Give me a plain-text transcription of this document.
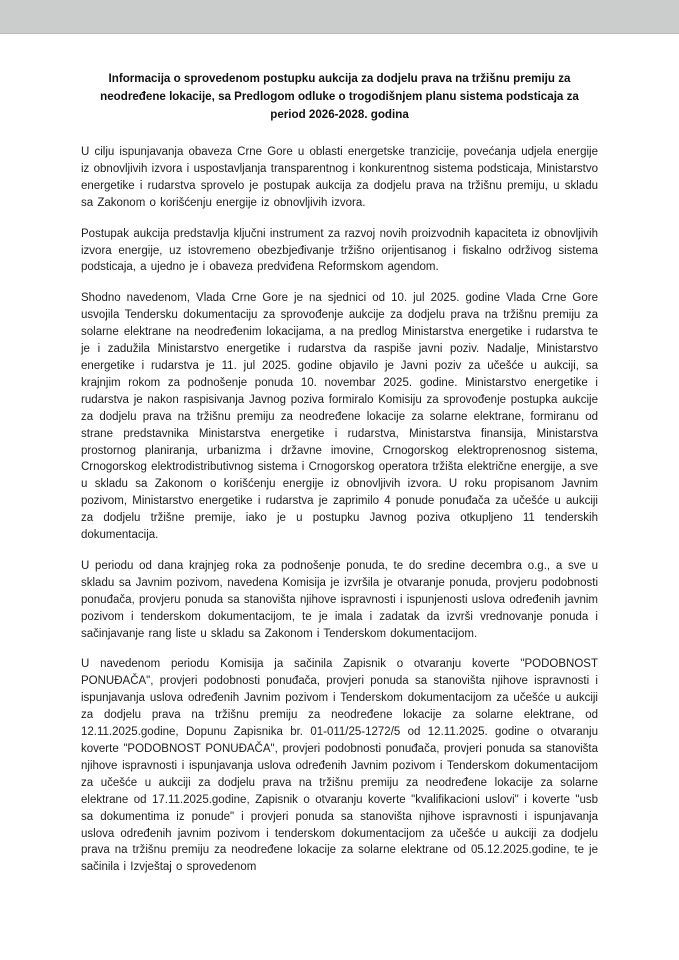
Informacija o sprovedenom postupku aukcija za dodjelu prava na tržišnu premiju za neodređene lokacije, sa Predlogom odluke o trogodišnjem planu sistema podsticaja za period 2026-2028. godina

U cilju ispunjavanja obaveza Crne Gore u oblasti energetske tranzicije, povećanja udjela energije iz obnovljivih izvora i uspostavljanja transparentnog i konkurentnog sistema podsticaja, Ministarstvo energetike i rudarstva sprovelo je postupak aukcija za dodjelu prava na tržišnu premiju, u skladu sa Zakonom o korišćenju energije iz obnovljivih izvora.

Postupak aukcija predstavlja ključni instrument za razvoj novih proizvodnih kapaciteta iz obnovljivih izvora energije, uz istovremeno obezbjeđivanje tržišno orijentisanog i fiskalno održivog sistema podsticaja, a ujedno je i obaveza predviđena Reformskom agendom.

Shodno navedenom, Vlada Crne Gore je na sjednici od 10. jul 2025. godine Vlada Crne Gore usvojila Tendersku dokumentaciju za sprovođenje aukcije za dodjelu prava na tržišnu premiju za solarne elektrane na neodređenim lokacijama, a na predlog Ministarstva energetike i rudarstva te je i zadužila Ministarstvo energetike i rudarstva da raspiše javni poziv. Nadalje, Ministarstvo energetike i rudarstva je 11. jul 2025. godine objavilo je Javni poziv za učešće u aukciji, sa krajnjim rokom za podnošenje ponuda 10. novembar 2025. godine. Ministarstvo energetike i rudarstva je nakon raspisivanja Javnog poziva formiralo Komisiju za sprovođenje postupka aukcije za dodjelu prava na tržišnu premiju za neodređene lokacije za solarne elektrane, formiranu od strane predstavnika Ministarstva energetike i rudarstva, Ministarstva finansija, Ministarstva prostornog planiranja, urbanizma i državne imovine, Crnogorskog elektroprenosnog sistema, Crnogorskog elektrodistributivnog sistema i Crnogorskog operatora tržišta električne energije, a sve u skladu sa Zakonom o korišćenju energije iz obnovljivih izvora. U roku propisanom Javnim pozivom, Ministarstvo energetike i rudarstva je zaprimilo 4 ponude ponuđača za učešće u aukciji za dodjelu tržišne premije, iako je u postupku Javnog poziva otkupljeno 11 tenderskih dokumentacija.

U periodu od dana krajnjeg roka za podnošenje ponuda, te do sredine decembra o.g., a sve u skladu sa Javnim pozivom, navedena Komisija je izvršila je otvaranje ponuda, provjeru podobnosti ponuđača, provjeru ponuda sa stanovišta njihove ispravnosti i ispunjenosti uslova određenih javnim pozivom i tenderskom dokumentacijom, te je imala i zadatak da izvrši vrednovanje ponuda i sačinjavanje rang liste u skladu sa Zakonom i Tenderskom dokumentacijom.

U navedenom periodu Komisija ja sačinila Zapisnik o otvaranju koverte "PODOBNOST PONUĐAČA", provjeri podobnosti ponuđača, provjeri ponuda sa stanovišta njihove ispravnosti i ispunjavanja uslova određenih Javnim pozivom i Tenderskom dokumentacijom za učešće u aukciji za dodjelu prava na tržišnu premiju za neodređene lokacije za solarne elektrane, od 12.11.2025.godine, Dopunu Zapisnika br. 01-011/25-1272/5 od 12.11.2025. godine o otvaranju koverte "PODOBNOST PONUĐAČA", provjeri podobnosti ponuđača, provjeri ponuda sa stanovišta njihove ispravnosti i ispunjavanja uslova određenih Javnim pozivom i Tenderskom dokumentacijom za učešće u aukciji za dodjelu prava na tržišnu premiju za neodređene lokacije za solarne elektrane od 17.11.2025.godine, Zapisnik o otvaranju koverte "kvalifikacioni uslovi" i koverte "usb sa dokumentima iz ponude" i provjeri ponuda sa stanovišta njihove ispravnosti i ispunjavanja uslova određenih javnim pozivom i tenderskom dokumentacijom za učešće u aukciji za dodjelu prava na tržišnu premiju za neodređene lokacije za solarne elektrane od 05.12.2025.godine, te je sačinila i Izvještaj o sprovedenom
